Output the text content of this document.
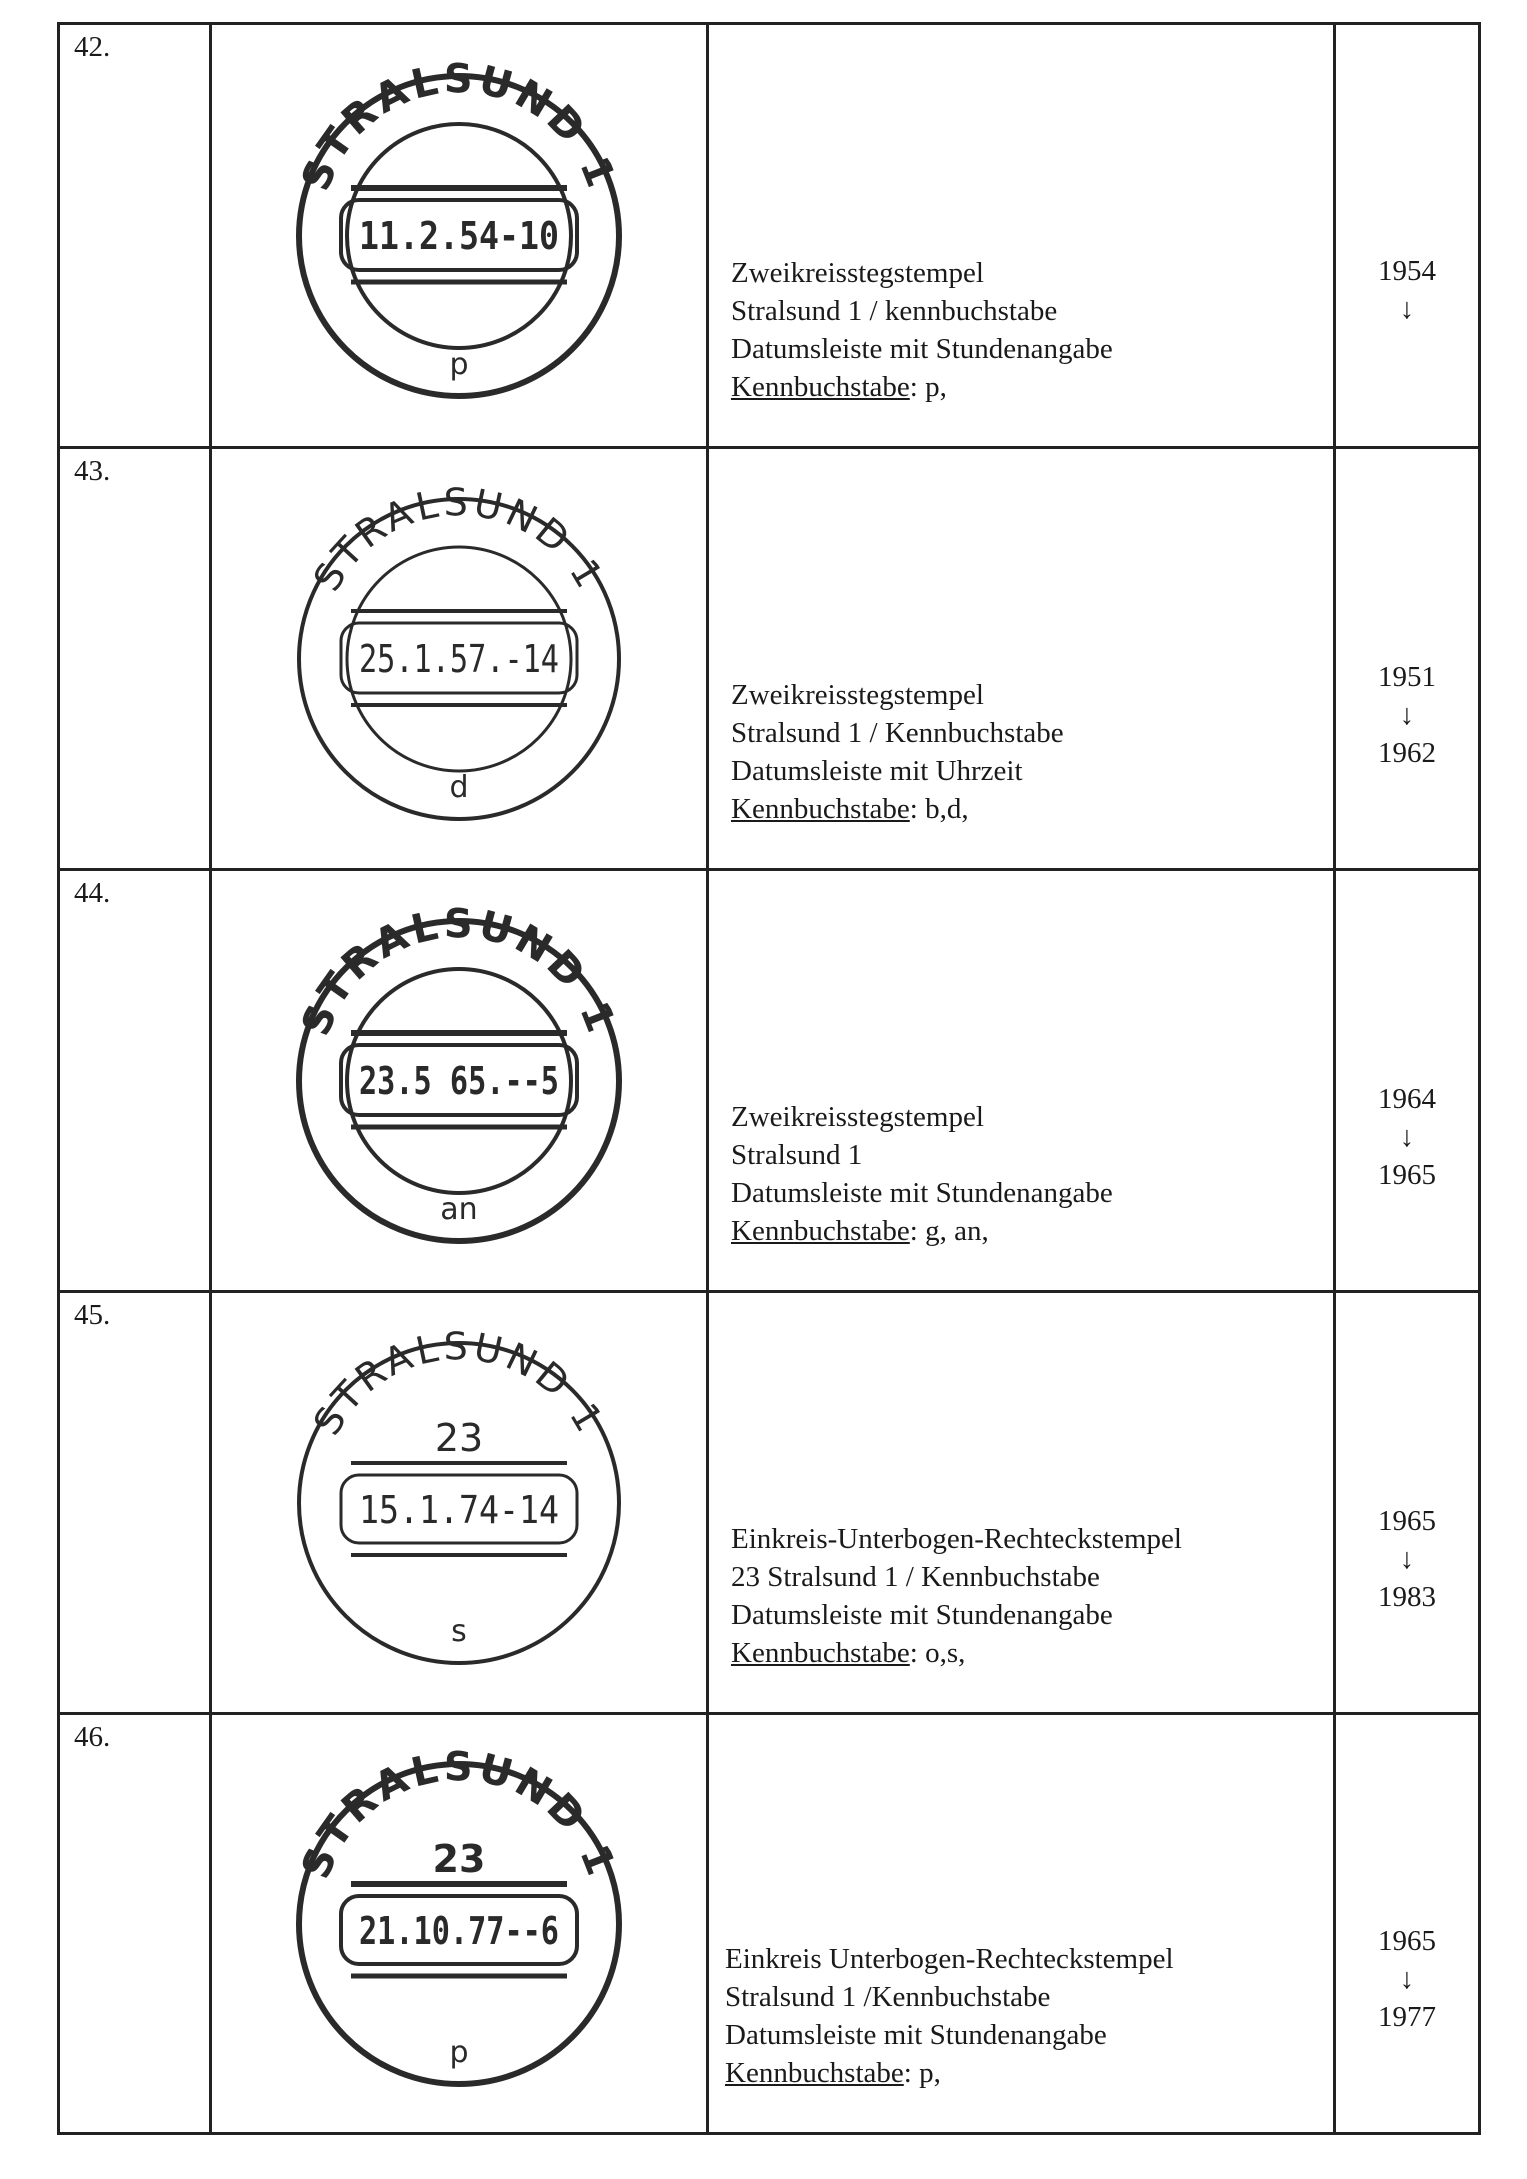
42.
STRALSUND 1
11.2.54-10
p
Zweikreisstegstempel
Stralsund 1 / kennbuchstabe
Datumsleiste mit Stundenangabe
Kennbuchstabe: p,
1954
↓
43.
STRALSUND 1
25.1.57.-14
d
Zweikreisstegstempel
Stralsund 1 / Kennbuchstabe
Datumsleiste mit Uhrzeit
Kennbuchstabe: b,d,
1951
↓
1962
44.
STRALSUND 1
23.5 65.--5
an
Zweikreisstegstempel
Stralsund 1
Datumsleiste mit Stundenangabe
Kennbuchstabe: g, an,
1964
↓
1965
45.
STRALSUND 1
23
15.1.74-14
s
Einkreis-Unterbogen-Rechteckstempel
23 Stralsund 1 / Kennbuchstabe
Datumsleiste mit Stundenangabe
Kennbuchstabe: o,s,
1965
↓
1983
46.
STRALSUND 1
23
21.10.77--6
p
Einkreis Unterbogen-Rechteckstempel
Stralsund 1 /Kennbuchstabe
Datumsleiste mit Stundenangabe
Kennbuchstabe: p,
1965
↓
1977
